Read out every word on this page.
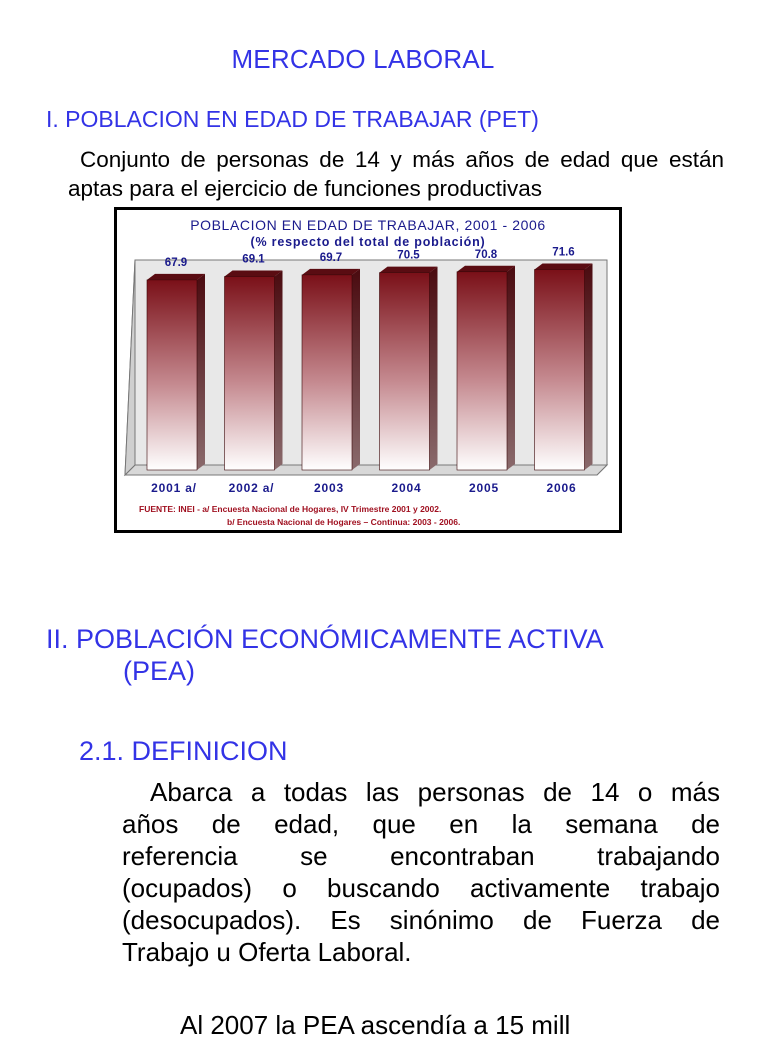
MERCADO LABORAL
I. POBLACION EN EDAD DE TRABAJAR (PET)
Conjunto de personas de 14 y más años de edad que están aptas para el ejercicio de funciones productivas
POBLACION EN EDAD DE TRABAJAR, 2001 - 2006
(% respecto del total de población)
67.9	69.1	69.7	70.5	70.8	71.6
2001 a/	2002 a/	2003	2004	2005	2006
FUENTE: INEI - a/ Encuesta Nacional de Hogares, IV Trimestre 2001 y 2002.
b/ Encuesta Nacional de Hogares – Continua: 2003 - 2006.
II. POBLACIÓN ECONÓMICAMENTE ACTIVA
(PEA)
2.1. DEFINICION
Abarca a todas las personas de 14 o más
años de edad, que en la semana de
referencia se encontraban trabajando
(ocupados) o buscando activamente trabajo
(desocupados). Es sinónimo de Fuerza de
Trabajo u Oferta Laboral.
Al 2007 la PEA ascendía a 15 mill
